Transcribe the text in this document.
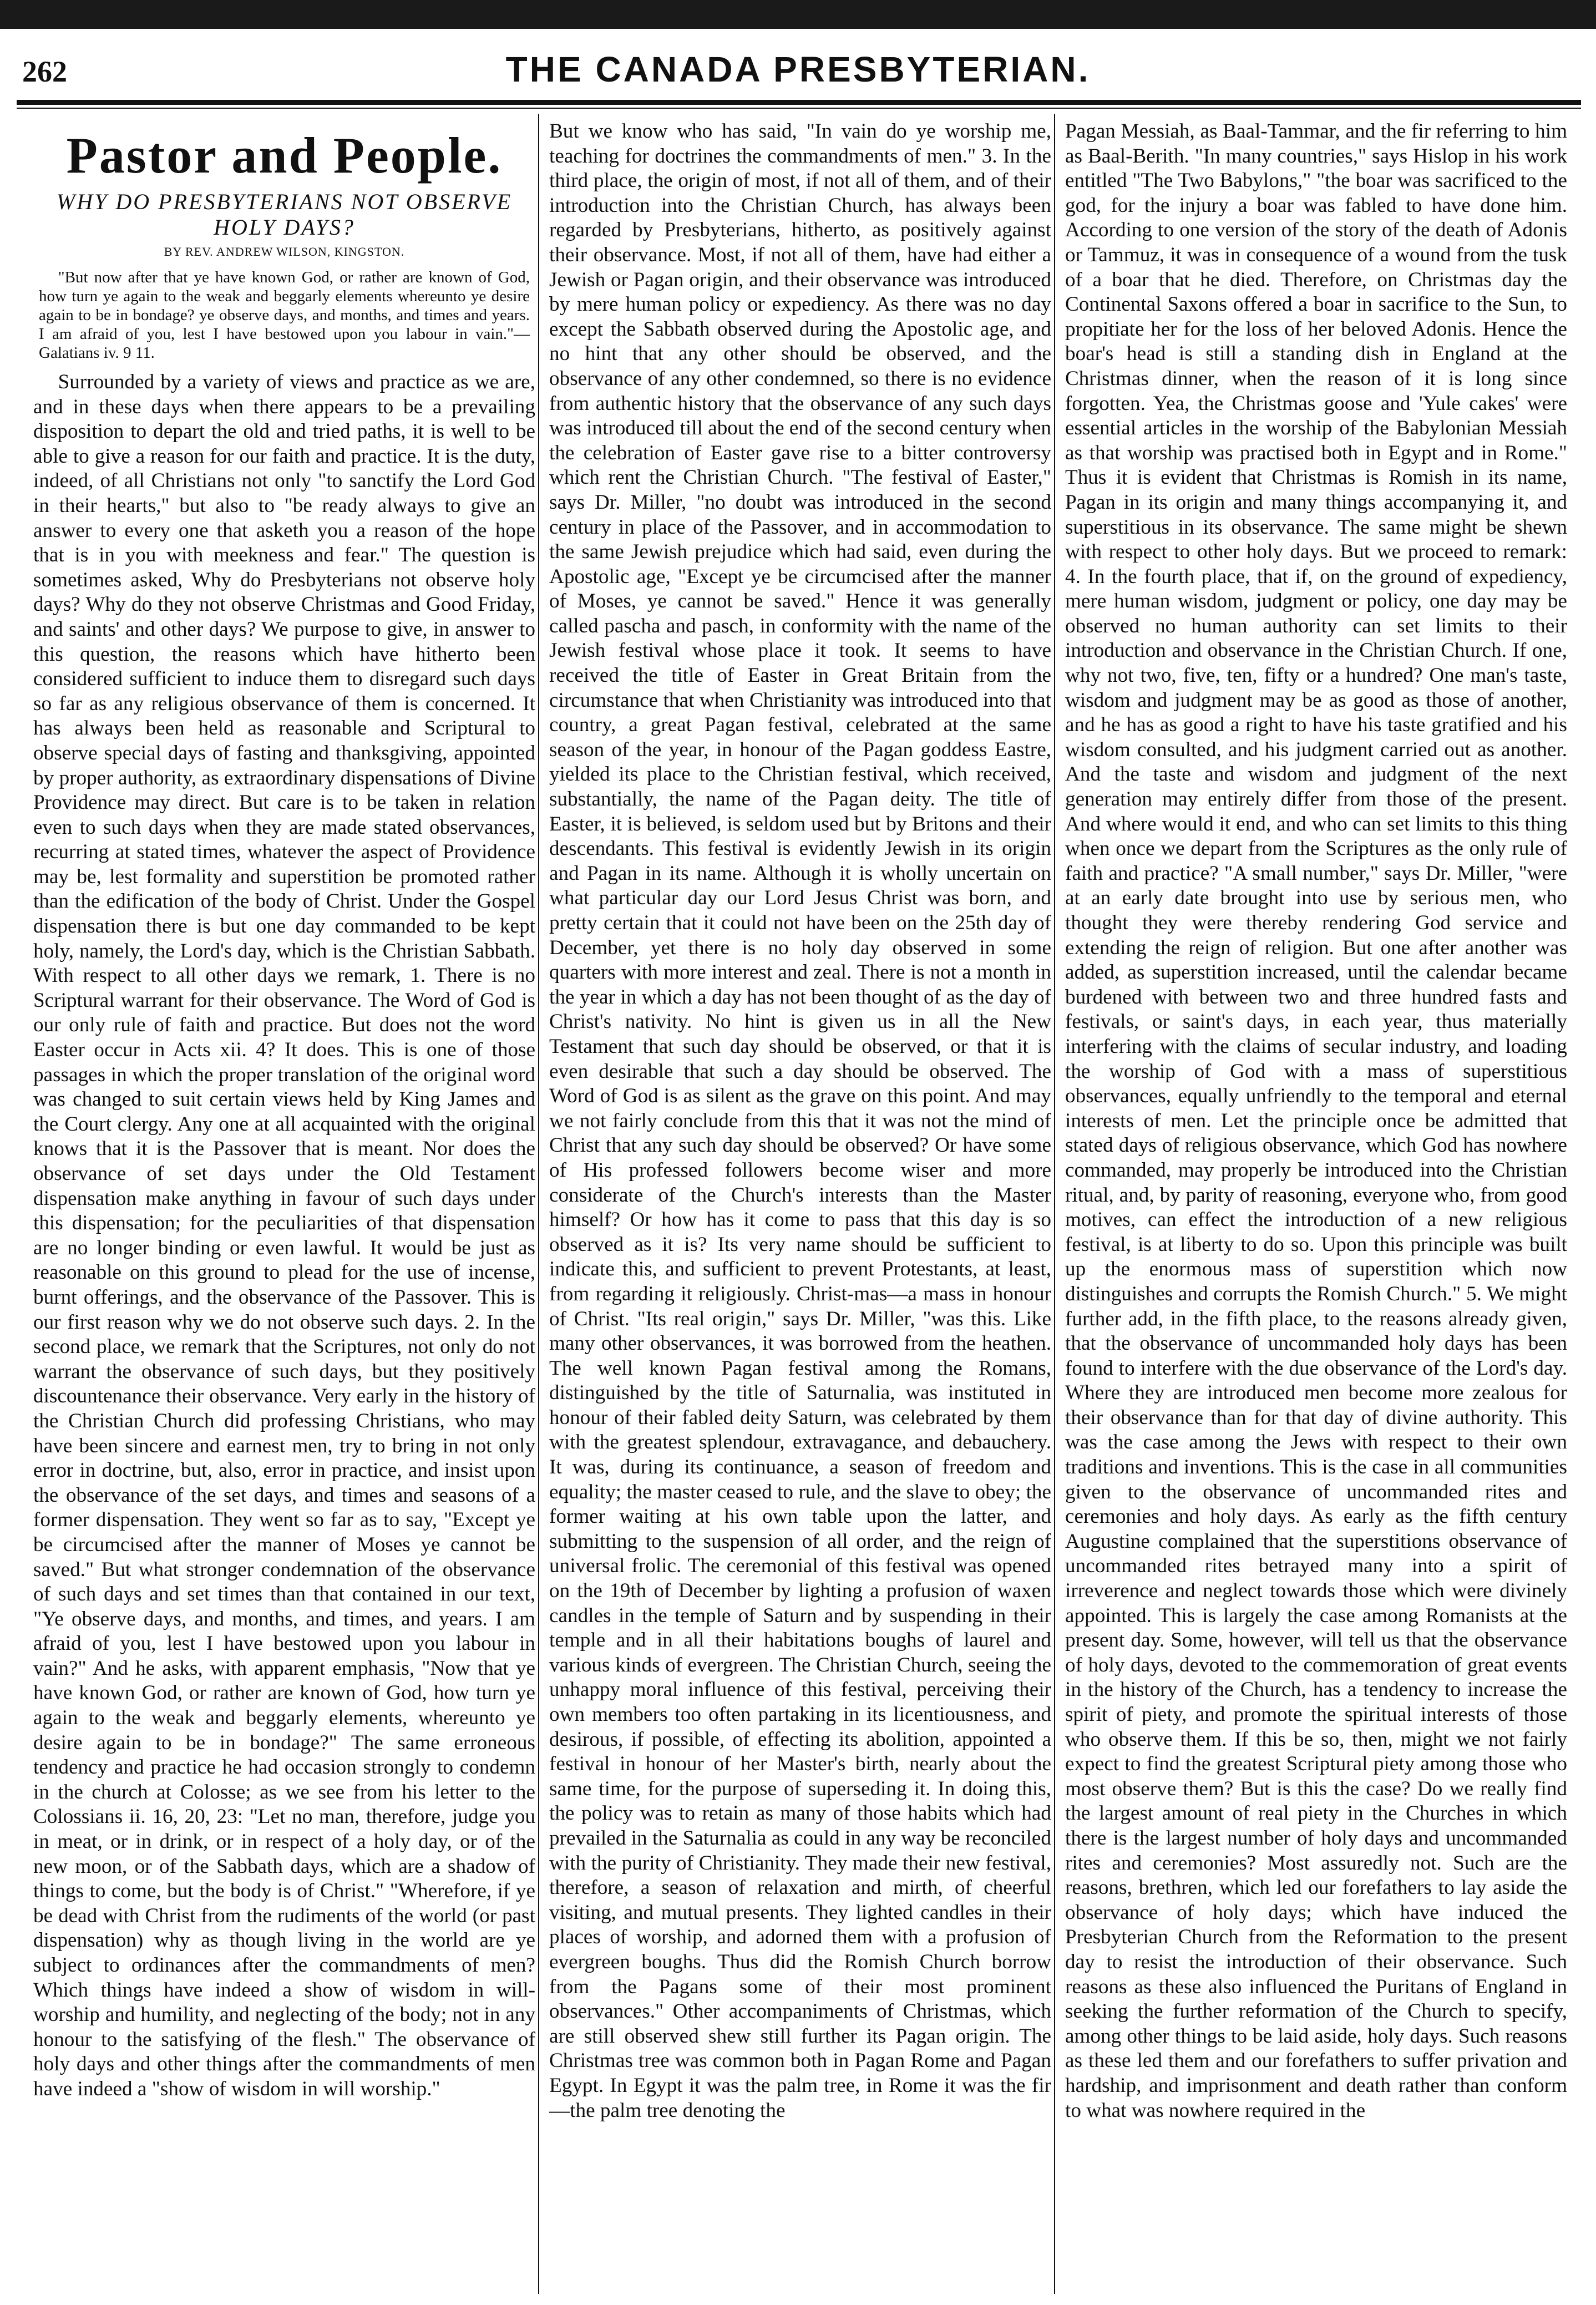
262	THE CANADA PRESBYTERIAN.
Pastor and People.
WHY DO PRESBYTERIANS NOT OBSERVE HOLY DAYS?
BY REV. ANDREW WILSON, KINGSTON.
"But now after that ye have known God, or rather are known of God, how turn ye again to the weak and beggarly elements whereunto ye desire again to be in bondage? ye observe days, and months, and times and years. I am afraid of you, lest I have bestowed upon you labour in vain."—Galatians iv. 9 11.

Surrounded by a variety of views and practice as we are, and in these days when there appears to be a prevailing disposition to depart the old and tried paths, it is well to be able to give a reason for our faith and practice. It is the duty, indeed, of all Christians not only "to sanctify the Lord God in their hearts," but also to "be ready always to give an answer to every one that asketh you a reason of the hope that is in you with meekness and fear." The question is sometimes asked, Why do Presbyterians not observe holy days? Why do they not observe Christmas and Good Friday, and saints' and other days? We purpose to give, in answer to this question, the reasons which have hitherto been considered sufficient to induce them to disregard such days so far as any religious observance of them is concerned. It has always been held as reasonable and Scriptural to observe special days of fasting and thanksgiving, appointed by proper authority, as extraordinary dispensations of Divine Providence may direct. But care is to be taken in relation even to such days when they are made stated observances, recurring at stated times, whatever the aspect of Providence may be, lest formality and superstition be promoted rather than the edification of the body of Christ. Under the Gospel dispensation there is but one day commanded to be kept holy, namely, the Lord's day, which is the Christian Sabbath. With respect to all other days we remark, 1. There is no Scriptural warrant for their observance. The Word of God is our only rule of faith and practice. But does not the word Easter occur in Acts xii. 4? It does. This is one of those passages in which the proper translation of the original word was changed to suit certain views held by King James and the Court clergy. Any one at all acquainted with the original knows that it is the Passover that is meant. Nor does the observance of set days under the Old Testament dispensation make anything in favour of such days under this dispensation; for the peculiarities of that dispensation are no longer binding or even lawful. It would be just as reasonable on this ground to plead for the use of incense, burnt offerings, and the observance of the Passover. This is our first reason why we do not observe such days. 2. In the second place, we remark that the Scriptures, not only do not warrant the observance of such days, but they positively discountenance their observance. Very early in the history of the Christian Church did professing Christians, who may have been sincere and earnest men, try to bring in not only error in doctrine, but, also, error in practice, and insist upon the observance of the set days, and times and seasons of a former dispensation. They went so far as to say, "Except ye be circumcised after the manner of Moses ye cannot be saved." But what stronger condemnation of the observance of such days and set times than that contained in our text, "Ye observe days, and months, and times, and years. I am afraid of you, lest I have bestowed upon you labour in vain?" And he asks, with apparent emphasis, "Now that ye have known God, or rather are known of God, how turn ye again to the weak and beggarly elements, whereunto ye desire again to be in bondage?" The same erroneous tendency and practice he had occasion strongly to condemn in the church at Colosse; as we see from his letter to the Colossians ii. 16, 20, 23: "Let no man, therefore, judge you in meat, or in drink, or in respect of a holy day, or of the new moon, or of the Sabbath days, which are a shadow of things to come, but the body is of Christ." "Wherefore, if ye be dead with Christ from the rudiments of the world (or past dispensation) why as though living in the world are ye subject to ordinances after the commandments of men? Which things have indeed a show of wisdom in will-worship and humility, and neglecting of the body; not in any honour to the satisfying of the flesh." The observance of holy days and other things after the commandments of men have indeed a "show of wisdom in will worship."

But we know who has said, "In vain do ye worship me, teaching for doctrines the commandments of men." 3. In the third place, the origin of most, if not all of them, and of their introduction into the Christian Church, has always been regarded by Presbyterians, hitherto, as positively against their observance. Most, if not all of them, have had either a Jewish or Pagan origin, and their observance was introduced by mere human policy or expediency. As there was no day except the Sabbath observed during the Apostolic age, and no hint that any other should be observed, and the observance of any other condemned, so there is no evidence from authentic history that the observance of any such days was introduced till about the end of the second century when the celebration of Easter gave rise to a bitter controversy which rent the Christian Church. "The festival of Easter," says Dr. Miller, "no doubt was introduced in the second century in place of the Passover, and in accommodation to the same Jewish prejudice which had said, even during the Apostolic age, "Except ye be circumcised after the manner of Moses, ye cannot be saved." Hence it was generally called pascha and pasch, in conformity with the name of the Jewish festival whose place it took. It seems to have received the title of Easter in Great Britain from the circumstance that when Christianity was introduced into that country, a great Pagan festival, celebrated at the same season of the year, in honour of the Pagan goddess Eastre, yielded its place to the Christian festival, which received, substantially, the name of the Pagan deity. The title of Easter, it is believed, is seldom used but by Britons and their descendants. This festival is evidently Jewish in its origin and Pagan in its name. Although it is wholly uncertain on what particular day our Lord Jesus Christ was born, and pretty certain that it could not have been on the 25th day of December, yet there is no holy day observed in some quarters with more interest and zeal. There is not a month in the year in which a day has not been thought of as the day of Christ's nativity. No hint is given us in all the New Testament that such day should be observed, or that it is even desirable that such a day should be observed. The Word of God is as silent as the grave on this point. And may we not fairly conclude from this that it was not the mind of Christ that any such day should be observed? Or have some of His professed followers become wiser and more considerate of the Church's interests than the Master himself? Or how has it come to pass that this day is so observed as it is? Its very name should be sufficient to indicate this, and sufficient to prevent Protestants, at least, from regarding it religiously. Christ-mas—a mass in honour of Christ. "Its real origin," says Dr. Miller, "was this. Like many other observances, it was borrowed from the heathen. The well known Pagan festival among the Romans, distinguished by the title of Saturnalia, was instituted in honour of their fabled deity Saturn, was celebrated by them with the greatest splendour, extravagance, and debauchery. It was, during its continuance, a season of freedom and equality; the master ceased to rule, and the slave to obey; the former waiting at his own table upon the latter, and submitting to the suspension of all order, and the reign of universal frolic. The ceremonial of this festival was opened on the 19th of December by lighting a profusion of waxen candles in the temple of Saturn and by suspending in their temple and in all their habitations boughs of laurel and various kinds of evergreen. The Christian Church, seeing the unhappy moral influence of this festival, perceiving their own members too often partaking in its licentiousness, and desirous, if possible, of effecting its abolition, appointed a festival in honour of her Master's birth, nearly about the same time, for the purpose of superseding it. In doing this, the policy was to retain as many of those habits which had prevailed in the Saturnalia as could in any way be reconciled with the purity of Christianity. They made their new festival, therefore, a season of relaxation and mirth, of cheerful visiting, and mutual presents. They lighted candles in their places of worship, and adorned them with a profusion of evergreen boughs. Thus did the Romish Church borrow from the Pagans some of their most prominent observances." Other accompaniments of Christmas, which are still observed shew still further its Pagan origin. The Christmas tree was common both in Pagan Rome and Pagan Egypt. In Egypt it was the palm tree, in Rome it was the fir—the palm tree denoting the

Pagan Messiah, as Baal-Tammar, and the fir referring to him as Baal-Berith. "In many countries," says Hislop in his work entitled "The Two Babylons," "the boar was sacrificed to the god, for the injury a boar was fabled to have done him. According to one version of the story of the death of Adonis or Tammuz, it was in consequence of a wound from the tusk of a boar that he died. Therefore, on Christmas day the Continental Saxons offered a boar in sacrifice to the Sun, to propitiate her for the loss of her beloved Adonis. Hence the boar's head is still a standing dish in England at the Christmas dinner, when the reason of it is long since forgotten. Yea, the Christmas goose and 'Yule cakes' were essential articles in the worship of the Babylonian Messiah as that worship was practised both in Egypt and in Rome." Thus it is evident that Christmas is Romish in its name, Pagan in its origin and many things accompanying it, and superstitious in its observance. The same might be shewn with respect to other holy days. But we proceed to remark: 4. In the fourth place, that if, on the ground of expediency, mere human wisdom, judgment or policy, one day may be observed no human authority can set limits to their introduction and observance in the Christian Church. If one, why not two, five, ten, fifty or a hundred? One man's taste, wisdom and judgment may be as good as those of another, and he has as good a right to have his taste gratified and his wisdom consulted, and his judgment carried out as another. And the taste and wisdom and judgment of the next generation may entirely differ from those of the present. And where would it end, and who can set limits to this thing when once we depart from the Scriptures as the only rule of faith and practice? "A small number," says Dr. Miller, "were at an early date brought into use by serious men, who thought they were thereby rendering God service and extending the reign of religion. But one after another was added, as superstition increased, until the calendar became burdened with between two and three hundred fasts and festivals, or saint's days, in each year, thus materially interfering with the claims of secular industry, and loading the worship of God with a mass of superstitious observances, equally unfriendly to the temporal and eternal interests of men. Let the principle once be admitted that stated days of religious observance, which God has nowhere commanded, may properly be introduced into the Christian ritual, and, by parity of reasoning, everyone who, from good motives, can effect the introduction of a new religious festival, is at liberty to do so. Upon this principle was built up the enormous mass of superstition which now distinguishes and corrupts the Romish Church." 5. We might further add, in the fifth place, to the reasons already given, that the observance of uncommanded holy days has been found to interfere with the due observance of the Lord's day. Where they are introduced men become more zealous for their observance than for that day of divine authority. This was the case among the Jews with respect to their own traditions and inventions. This is the case in all communities given to the observance of uncommanded rites and ceremonies and holy days. As early as the fifth century Augustine complained that the superstitions observance of uncommanded rites betrayed many into a spirit of irreverence and neglect towards those which were divinely appointed. This is largely the case among Romanists at the present day. Some, however, will tell us that the observance of holy days, devoted to the commemoration of great events in the history of the Church, has a tendency to increase the spirit of piety, and promote the spiritual interests of those who observe them. If this be so, then, might we not fairly expect to find the greatest Scriptural piety among those who most observe them? But is this the case? Do we really find the largest amount of real piety in the Churches in which there is the largest number of holy days and uncommanded rites and ceremonies? Most assuredly not. Such are the reasons, brethren, which led our forefathers to lay aside the observance of holy days; which have induced the Presbyterian Church from the Reformation to the present day to resist the introduction of their observance. Such reasons as these also influenced the Puritans of England in seeking the further reformation of the Church to specify, among other things to be laid aside, holy days. Such reasons as these led them and our forefathers to suffer privation and hardship, and imprisonment and death rather than conform to what was nowhere required in the
